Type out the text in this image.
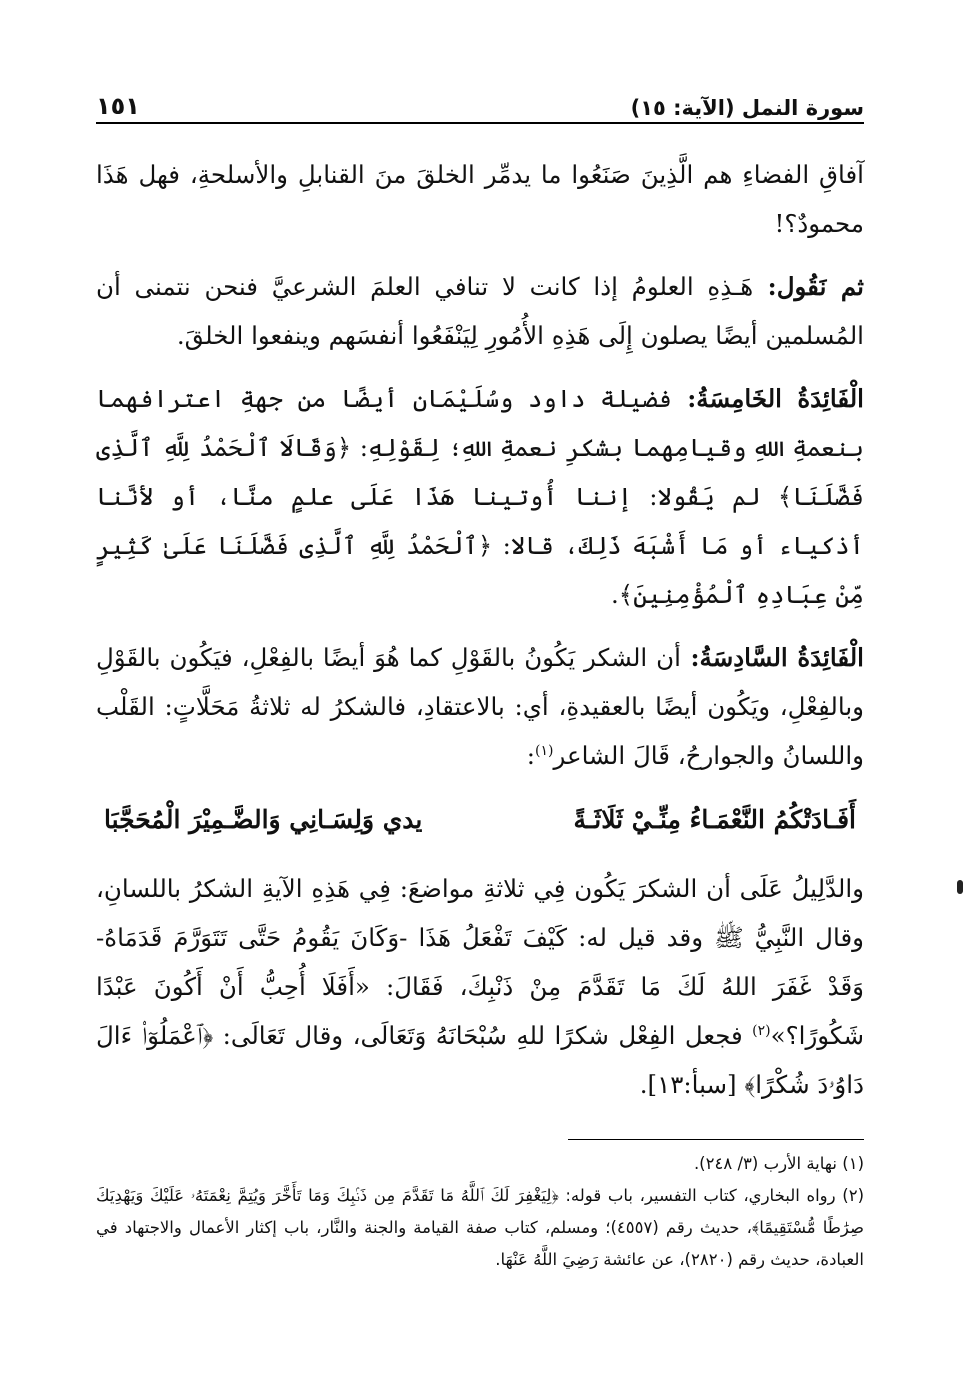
سورة النمل (الآية: ١٥)
١٥١

آفاقِ الفضاءِ هم الَّذِينَ صَنَعُوا ما يدمِّر الخلقَ منَ القنابلِ والأسلحةِ، فهل هَذَا محمودٌ؟!

ثم نَقُول: هَـذِهِ العلومُ إذا كانت لا تنافي العلمَ الشرعيَّ فنحن نتمنى أن المُسلمين أيضًا يصلون إِلَى هَذِهِ الأُمُورِ لِيَنْفَعُوا أنفسَهم وينفعوا الخلقَ.

الْفَائِدَةُ الخَامِسَةُ: فضيلة داود وسُلَيْمَان أيضًا من جهةِ اعترافهما بنعمةِ اللهِ وقيامِهما بشكرِ نعمةِ اللهِ؛ لِقَوْلِهِ: ﴿وَقَالَا ٱلْحَمْدُ لِلَّهِ ٱلَّذِى فَضَّلَنَا﴾ لم يَقُولا: إننا أُوتينا هَذَا عَلَى علمٍ منَّا، أو لأنَّنا أذكياء أو مَا أَشْبَهَ ذَلِكَ، قالا: ﴿ٱلْحَمْدُ لِلَّهِ ٱلَّذِى فَضَّلَنَا عَلَىٰ كَثِيرٍ مِّنْ عِبَادِهِ ٱلْمُؤْمِنِينَ﴾.

الْفَائِدَةُ السَّادِسَةُ: أن الشكر يَكُونُ بالقَوْلِ كما هُوَ أيضًا بالفِعْلِ، فيَكُون بالقَوْلِ وبالفِعْلِ، ويَكُون أيضًا بالعقيدةِ، أي: بالاعتقادِ، فالشكرُ له ثلاثةُ مَحَلَّاتٍ: القَلْب واللسانُ والجوارحُ، قَالَ الشاعر$^{(١)}$:

أَفَـادَتْكُمُ النَّعْمَـاءُ مِنِّـيْ ثَلَاثَـةً
يدي وَلِسَـانِي وَالضَّـمِيْرَ الْمُحَجَّبَا

والدَّلِيلُ عَلَى أن الشكرَ يَكُون فِي ثلاثةِ مواضعَ: فِي هَذِهِ الآيةِ الشكرُ باللسانِ، وقال النَّبِيُّ ﷺ وقد قيل له: كَيْفَ تَفْعَلُ هَذَا -وَكَانَ يَقُومُ حَتَّى تَتَوَرَّمَ قَدَمَاهُ- وَقَدْ غَفَرَ اللهُ لَكَ مَا تَقَدَّمَ مِنْ ذَنْبِكَ، فَقَالَ: «أَفَلَا أُحِبُّ أَنْ أَكُونَ عَبْدًا شَكُورًا؟»$^{(٢)}$ فجعل الفِعْل شكرًا للهِ سُبْحَانَهُ وَتَعَالَى، وقال تَعَالَى: ﴿ٱعْمَلُوٓا۟ ءَالَ دَاوُۥدَ شُكْرًا﴾ [سبأ:١٣].

(١) نهاية الأرب (٣/ ٢٤٨).

(٢) رواه البخاري، كتاب التفسير، باب قوله: ﴿لِيَغْفِرَ لَكَ ٱللَّهُ مَا تَقَدَّمَ مِن ذَنۢبِكَ وَمَا تَأَخَّرَ وَيُتِمَّ نِعْمَتَهُۥ عَلَيْكَ وَيَهْدِيَكَ صِرَٰطًا مُّسْتَقِيمًا﴾، حديث رقم (٤٥٥٧)؛ ومسلم، كتاب صفة القيامة والجنة والنَّار، باب إكثار الأعمال والاجتهاد في العبادة، حديث رقم (٢٨٢٠)، عن عائشة رَضِيَ اللَّهُ عَنْهَا.
